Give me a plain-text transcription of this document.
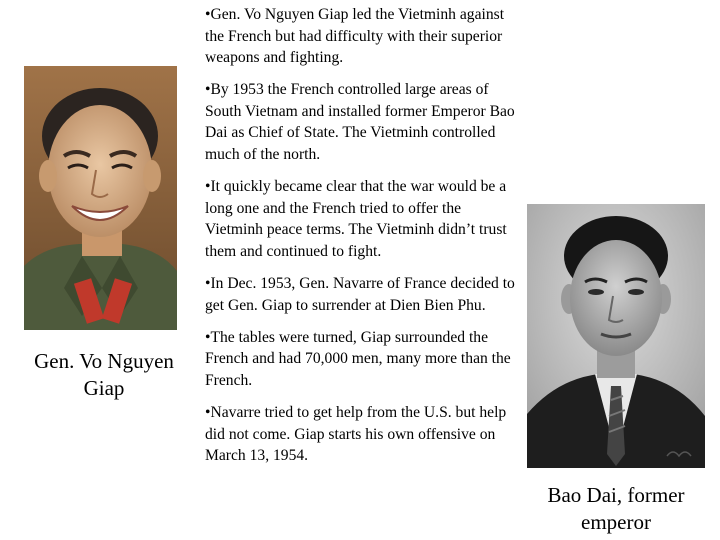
Gen. Vo Nguyen Giap
•Gen. Vo Nguyen Giap led the Vietminh against the French but had difficulty with their superior weapons and fighting.
•By 1953 the French controlled large areas of South Vietnam and installed former Emperor Bao Dai as Chief of State. The Vietminh controlled much of the north.
•It quickly became clear that the war would be a long one and the French tried to offer the Vietminh peace terms. The Vietminh didn’t trust them and continued to fight.
•In Dec. 1953, Gen. Navarre of France decided to get Gen. Giap to surrender at Dien Bien Phu.
•The tables were turned, Giap surrounded the French and had 70,000 men, many more than the French.
•Navarre tried to get help from the U.S. but help did not come. Giap starts his own offensive on March 13, 1954.
Bao Dai, former emperor
